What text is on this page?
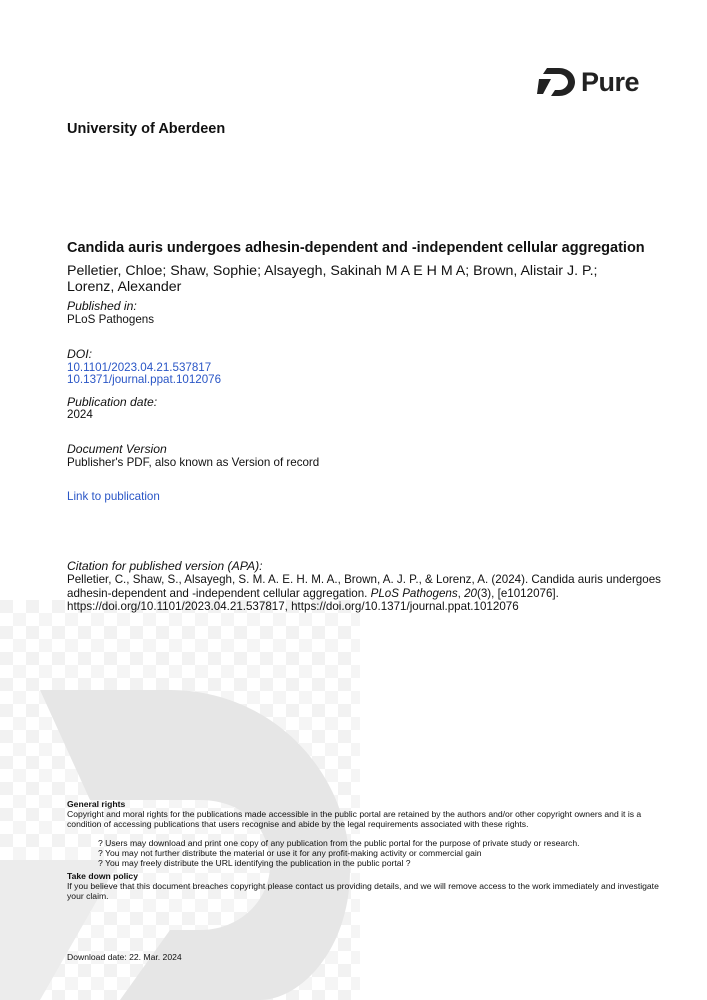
Pure
University of Aberdeen
Candida auris undergoes adhesin-dependent and -independent cellular aggregation
Pelletier, Chloe; Shaw, Sophie; Alsayegh, Sakinah M A E H M A; Brown, Alistair J. P.; Lorenz, Alexander
Published in:
PLoS Pathogens
DOI:
10.1101/2023.04.21.537817
10.1371/journal.ppat.1012076
Publication date:
2024
Document Version
Publisher's PDF, also known as Version of record
Link to publication
Citation for published version (APA):
Pelletier, C., Shaw, S., Alsayegh, S. M. A. E. H. M. A., Brown, A. J. P., & Lorenz, A. (2024). Candida auris undergoes adhesin-dependent and -independent cellular aggregation. PLoS Pathogens, 20(3), [e1012076]. https://doi.org/10.1101/2023.04.21.537817, https://doi.org/10.1371/journal.ppat.1012076
General rights
Copyright and moral rights for the publications made accessible in the public portal are retained by the authors and/or other copyright owners and it is a condition of accessing publications that users recognise and abide by the legal requirements associated with these rights.
? Users may download and print one copy of any publication from the public portal for the purpose of private study or research.
? You may not further distribute the material or use it for any profit-making activity or commercial gain
? You may freely distribute the URL identifying the publication in the public portal ?
Take down policy
If you believe that this document breaches copyright please contact us providing details, and we will remove access to the work immediately and investigate your claim.
Download date: 22. Mar. 2024
